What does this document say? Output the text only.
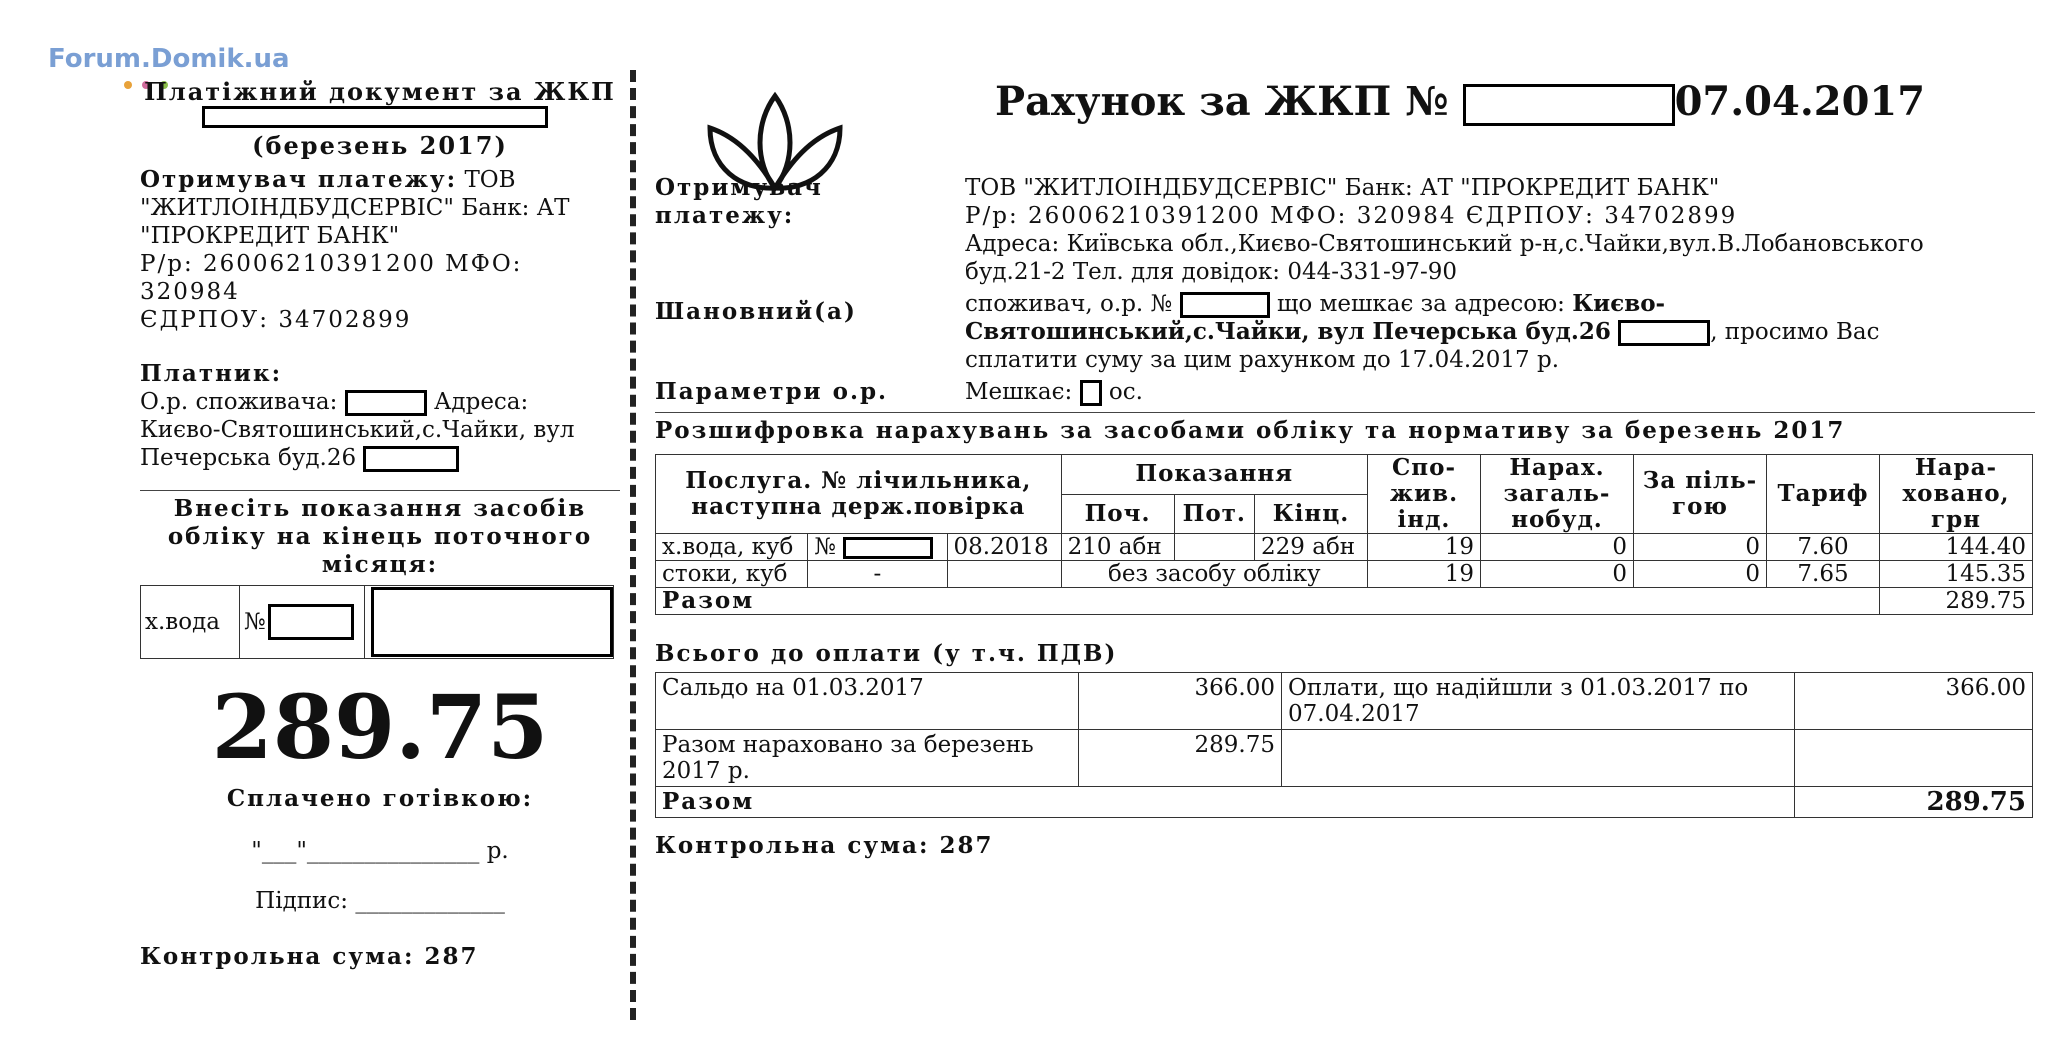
Forum.Domik.ua
Платіжний документ за ЖКП
(березень 2017)
Отримувач платежу: ТОВ
"ЖИТЛОІНДБУДСЕРВІС" Банк: АТ
"ПРОКРЕДИТ БАНК"
Р/р: 26006210391200 МФО: 320984
ЄДРПОУ: 34702899
Платник:
О.р. споживача:	Адреса:
Києво-Святошинський,с.Чайки, вул
Печерська буд.26
Внесіть показання засобів обліку на кінець поточного місяця:
х.вода	№
289.75
Сплачено готівкою:
"___"_______________ р.
Підпис: _____________
Контрольна сума: 287
Рахунок за ЖКП №	07.04.2017
Отримувач платежу:
ТОВ "ЖИТЛОІНДБУДСЕРВІС" Банк: АТ "ПРОКРЕДИТ БАНК"
Р/р: 26006210391200 МФО: 320984 ЄДРПОУ: 34702899
Адреса: Київська обл.,Києво-Святошинський р-н,с.Чайки,вул.В.Лобановського
буд.21-2 Тел. для довідок: 044-331-97-90
Шановний(а)	споживач, о.р. №	що мешкає за адресою: Києво-
Святошинський,с.Чайки, вул Печерська буд.26	, просимо Вас
сплатити суму за цим рахунком до 17.04.2017 р.
Параметри о.р.	Мешкає: ос.
Розшифровка нарахувань за засобами обліку та нормативу за березень 2017
Послуга. № лічильника, наступна держ.повірка			Показання			Спо-жив. інд.	Нарах. загаль-нобуд.	За піль-гою	Тариф	Нара-ховано, грн
			Поч.	Пот.	Кінц.					
х.вода, куб	№	08.2018	210 абн		229 абн	19	0	0	7.60	144.40
стоки, куб	-		без засобу обліку			19	0	0	7.65	145.35
Разом										289.75
Всього до оплати (у т.ч. ПДВ)
Сальдо на 01.03.2017	366.00	Оплати, що надійшли з 01.03.2017 по 07.04.2017	366.00
Разом нараховано за березень 2017 р.	289.75		
Разом			289.75
Контрольна сума: 287
